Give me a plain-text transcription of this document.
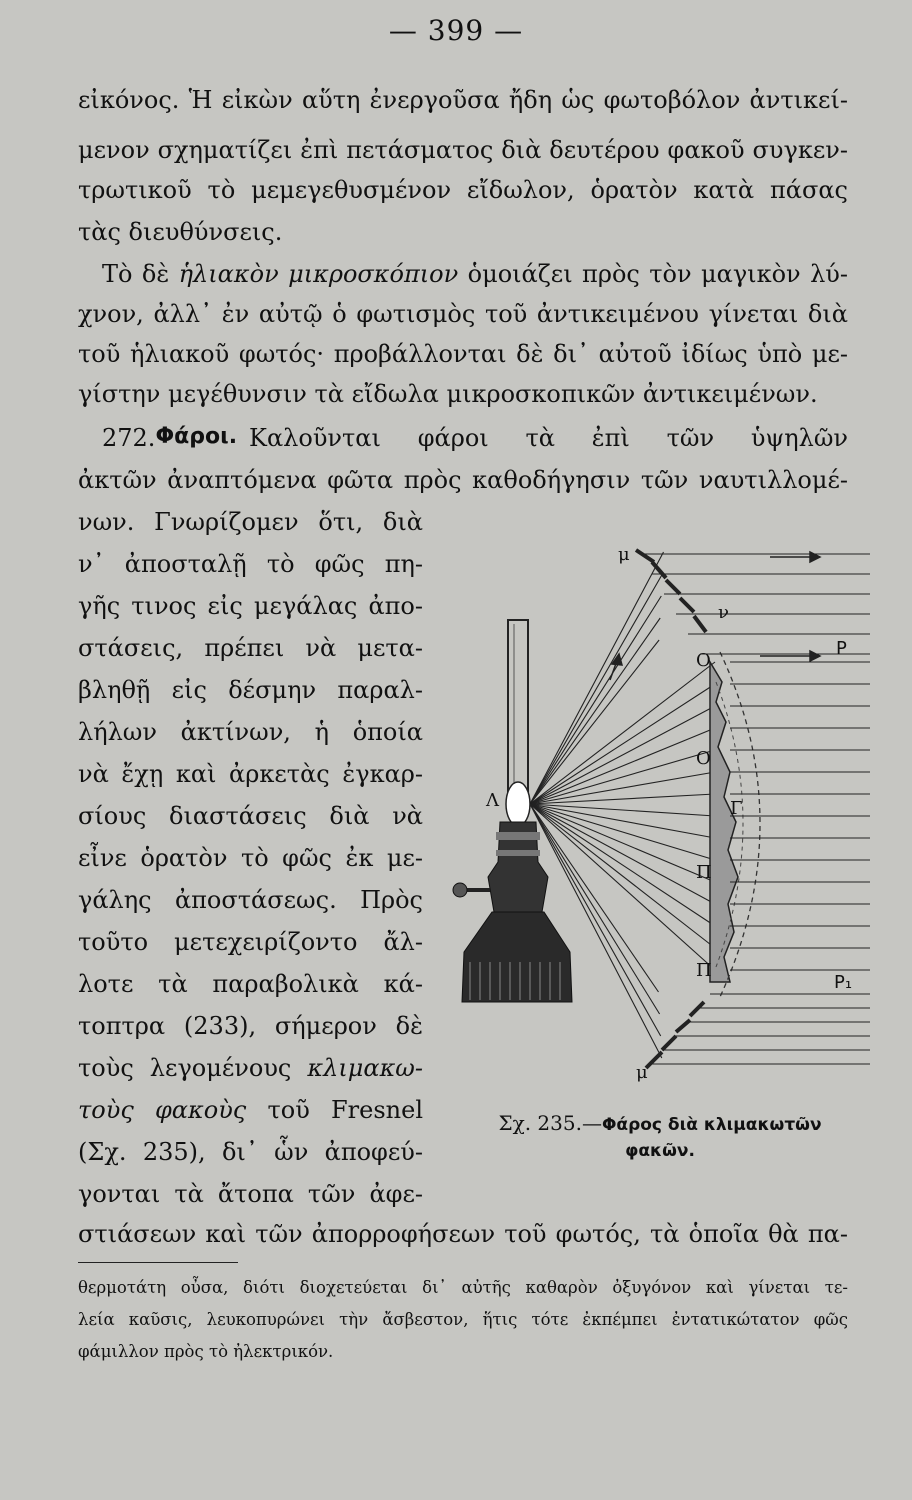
— 399 —
εἰκόνος. Ἡ εἰκὼν αὕτη ἐνεργοῦσα ἤδη ὡς φωτοβόλον ἀντικεί-
μενον σχηματίζει ἐπὶ πετάσματος διὰ δευτέρου φακοῦ συγκεν-
τρωτικοῦ τὸ μεμεγεθυσμένον εἴδωλον, ὁρατὸν κατὰ πάσας
τὰς διευθύνσεις.
Τὸ δὲ ἡλιακὸν μικροσκόπιον ὁμοιάζει πρὸς τὸν μαγικὸν λύ-
χνον, ἀλλ᾽ ἐν αὐτῷ ὁ φωτισμὸς τοῦ ἀντικειμένου γίνεται διὰ
τοῦ ἡλιακοῦ φωτός· προβάλλονται δὲ δι᾽ αὐτοῦ ἰδίως ὑπὸ με-
γίστην μεγέθυνσιν τὰ εἴδωλα μικροσκοπικῶν ἀντικειμένων.
272. Φάροι. Καλοῦνται φάροι τὰ ἐπὶ τῶν ὑψηλῶν
ἀκτῶν ἀναπτόμενα φῶτα πρὸς καθοδήγησιν τῶν ναυτιλλομέ-
νων. Γνωρίζομεν ὅτι, διὰ
ν᾽ ἀποσταλῇ τὸ φῶς πη-
γῆς τινος εἰς μεγάλας ἀπο-
στάσεις, πρέπει νὰ μετα-
βληθῇ εἰς δέσμην παραλ-
λήλων ἀκτίνων, ἡ ὁποία
νὰ ἔχῃ καὶ ἀρκετὰς ἐγκαρ-
σίους διαστάσεις διὰ νὰ
εἶνε ὁρατὸν τὸ φῶς ἐκ με-
γάλης ἀποστάσεως. Πρὸς
τοῦτο μετεχειρίζοντο ἄλ-
λοτε τὰ παραβολικὰ κά-
τοπτρα (233), σήμερον δὲ
τοὺς λεγομένους κλιμακω-
τοὺς φακοὺς τοῦ Fresnel
(Σχ. 235), δι᾽ ὧν ἀποφεύ-
γονται τὰ ἄτοπα τῶν ἀφε-
στιάσεων καὶ τῶν ἀπορροφήσεων τοῦ φωτός, τὰ ὁποῖα θὰ πα-
μ
μ
ν
Ο
Ο
Γ
Π
Π
Λ
P
P₁
Σχ. 235.—Φάρος διὰ κλιμακωτῶν
φακῶν.
θερμοτάτη οὖσα, διότι διοχετεύεται δι᾽ αὐτῆς καθαρὸν ὀξυγόνον καὶ γίνεται τε-
λεία καῦσις, λευκοπυρώνει τὴν ἄσβεστον, ἥτις τότε ἐκπέμπει ἐντατικώτατον φῶς
φάμιλλον πρὸς τὸ ἠλεκτρικόν.
